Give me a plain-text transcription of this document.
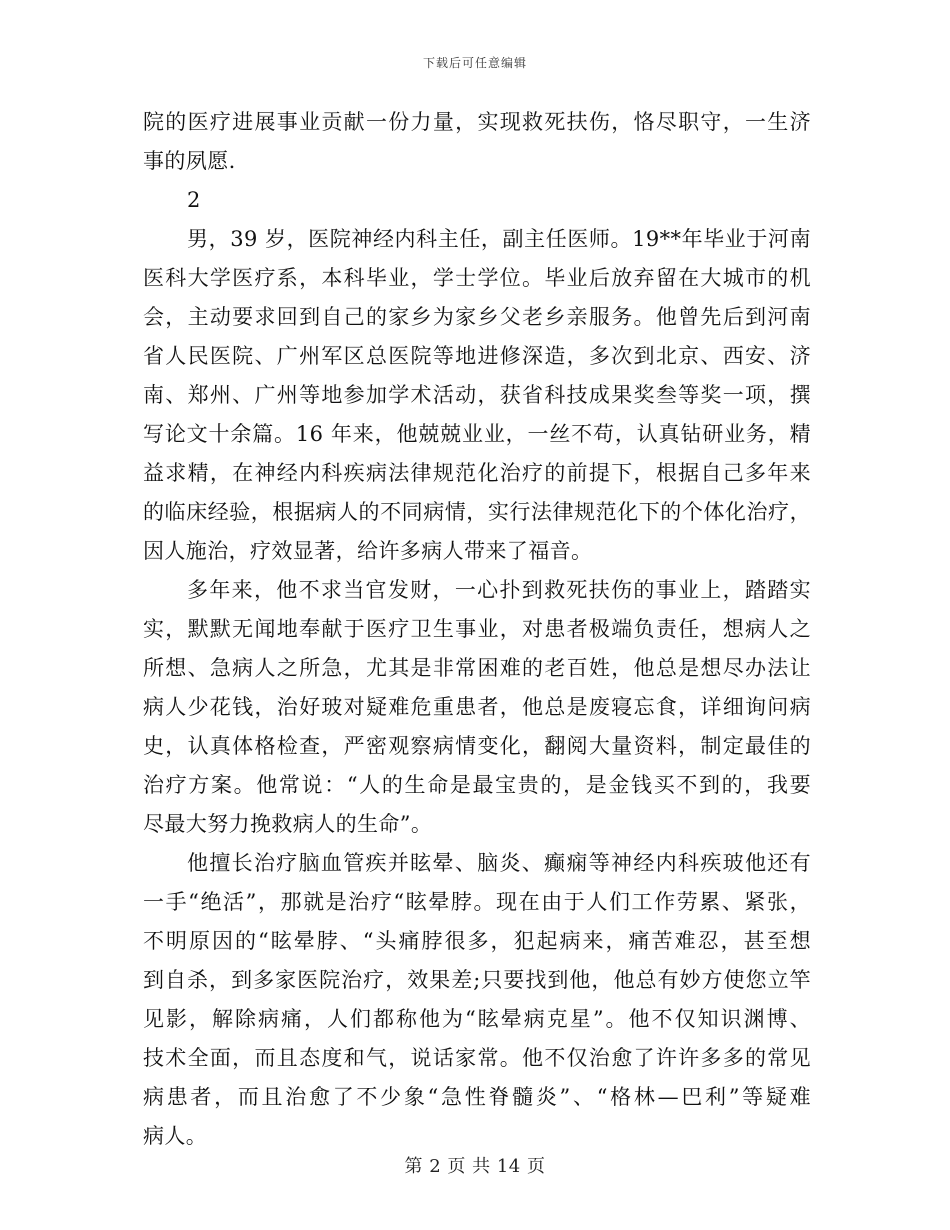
下载后可任意编辑
院的医疗进展事业贡献一份力量，实现救死扶伤，恪尽职守，一生济
事的夙愿.
2
男，39 岁，医院神经内科主任，副主任医师。19**年毕业于河南
医科大学医疗系，本科毕业，学士学位。毕业后放弃留在大城市的机
会，主动要求回到自己的家乡为家乡父老乡亲服务。他曾先后到河南
省人民医院、广州军区总医院等地进修深造，多次到北京、西安、济
南、郑州、广州等地参加学术活动，获省科技成果奖叁等奖一项，撰
写论文十余篇。16 年来，他兢兢业业，一丝不苟，认真钻研业务，精
益求精，在神经内科疾病法律规范化治疗的前提下，根据自己多年来
的临床经验，根据病人的不同病情，实行法律规范化下的个体化治疗，
因人施治，疗效显著，给许多病人带来了福音。
多年来，他不求当官发财，一心扑到救死扶伤的事业上，踏踏实
实，默默无闻地奉献于医疗卫生事业，对患者极端负责任，想病人之
所想、急病人之所急，尤其是非常困难的老百姓，他总是想尽办法让
病人少花钱，治好玻对疑难危重患者，他总是废寝忘食，详细询问病
史，认真体格检查，严密观察病情变化，翻阅大量资料，制定最佳的
治疗方案。他常说：“人的生命是最宝贵的，是金钱买不到的，我要
尽最大努力挽救病人的生命”。
他擅长治疗脑血管疾并眩晕、脑炎、癫痫等神经内科疾玻他还有
一手“绝活”，那就是治疗“眩晕脖。现在由于人们工作劳累、紧张，
不明原因的“眩晕脖、“头痛脖很多，犯起病来，痛苦难忍，甚至想
到自杀，到多家医院治疗，效果差;只要找到他，他总有妙方使您立竿
见影，解除病痛，人们都称他为“眩晕病克星”。他不仅知识渊博、
技术全面，而且态度和气，说话家常。他不仅治愈了许许多多的常见
病患者，而且治愈了不少象“急性脊髓炎”、“格林—巴利”等疑难
病人。
第 2 页 共 14 页
